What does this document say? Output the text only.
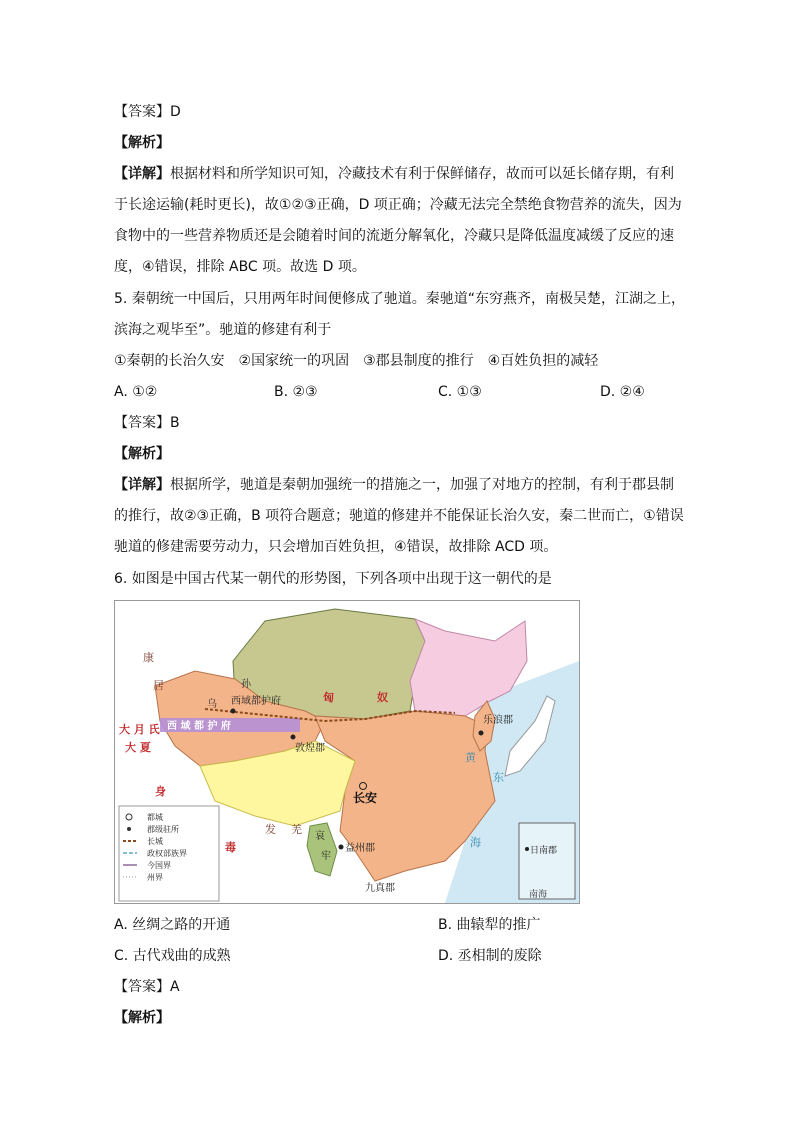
【答案】D
【解析】
【详解】根据材料和所学知识可知，冷藏技术有利于保鲜储存，故而可以延长储存期，有利
于长途运输(耗时更长)，故①②③正确，D 项正确；冷藏无法完全禁绝食物营养的流失，因为
食物中的一些营养物质还是会随着时间的流逝分解氧化，冷藏只是降低温度减缓了反应的速
度，④错误，排除 ABC 项。故选 D 项。
5. 秦朝统一中国后，只用两年时间便修成了驰道。秦驰道“东穷燕齐，南极吴楚，江湖之上，
滨海之观毕至”。驰道的修建有利于
①秦朝的长治久安　②国家统一的巩固　③郡县制度的推行　④百姓负担的减轻
A. ①②	B. ②③	C. ①③	D. ②④
【答案】B
【解析】
【详解】根据所学，驰道是秦朝加强统一的措施之一，加强了对地方的控制，有利于郡县制
的推行，故②③正确，B 项符合题意；驰道的修建并不能保证长治久安，秦二世而亡，①错误
驰道的修建需要劳动力，只会增加百姓负担，④错误，故排除 ACD 项。
6. 如图是中国古代某一朝代的形势图，下列各项中出现于这一朝代的是
康
居
乌
孙
西域都护府
西 域 都 护 府
大 月 氏
大 夏	敦煌郡
匈	奴
身
毒
发 羌
长安
乐浪郡
哀
牢
益州郡
九真郡
日南郡
南海
东
黄
海
都城
郡级驻所
长城
政权部族界
今国界
州界
A. 丝绸之路的开通	B. 曲辕犁的推广
C. 古代戏曲的成熟	D. 丞相制的废除
【答案】A
【解析】
